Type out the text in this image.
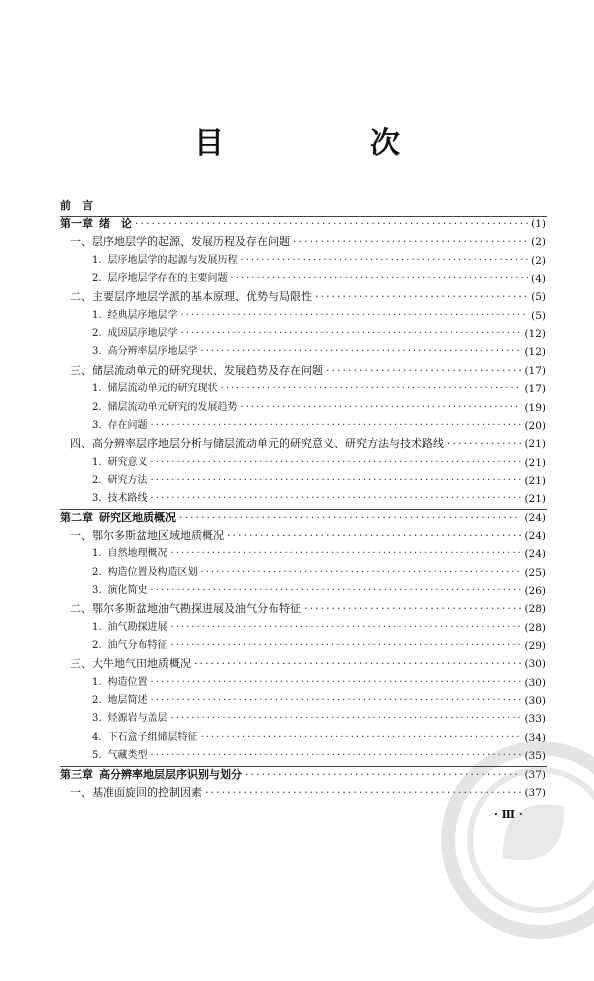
目　次
前　言
第一章 绪　论 ·····	(1)
一、层序地层学的起源、发展历程及存在问题 ·····	(2)
1. 层序地层学的起源与发展历程 ·····	(2)
2. 层序地层学存在的主要问题 ·····	(4)
二、主要层序地层学派的基本原理、优势与局限性 ·····	(5)
1. 经典层序地层学 ·····	(5)
2. 成因层序地层学 ·····	(12)
3. 高分辨率层序地层学 ·····	(12)
三、储层流动单元的研究现状、发展趋势及存在问题 ·····	(17)
1. 储层流动单元的研究现状 ·····	(17)
2. 储层流动单元研究的发展趋势 ·····	(19)
3. 存在问题 ·····	(20)
四、高分辨率层序地层分析与储层流动单元的研究意义、研究方法与技术路线 ·····	(21)
1. 研究意义 ·····	(21)
2. 研究方法 ·····	(21)
3. 技术路线 ·····	(21)
第二章 研究区地质概况 ·····	(24)
一、鄂尔多斯盆地区域地质概况 ·····	(24)
1. 自然地理概况 ·····	(24)
2. 构造位置及构造区划 ·····	(25)
3. 演化简史 ·····	(26)
二、鄂尔多斯盆地油气勘探进展及油气分布特征 ·····	(28)
1. 油气勘探进展 ·····	(28)
2. 油气分布特征 ·····	(29)
三、大牛地气田地质概况 ·····	(30)
1. 构造位置 ·····	(30)
2. 地层简述 ·····	(30)
3. 烃源岩与盖层 ·····	(33)
4. 下石盒子组储层特征 ·····	(34)
5. 气藏类型 ·····	(35)
第三章 高分辨率地层层序识别与划分 ·····	(37)
一、基准面旋回的控制因素 ·····	(37)
· Ⅲ ·
